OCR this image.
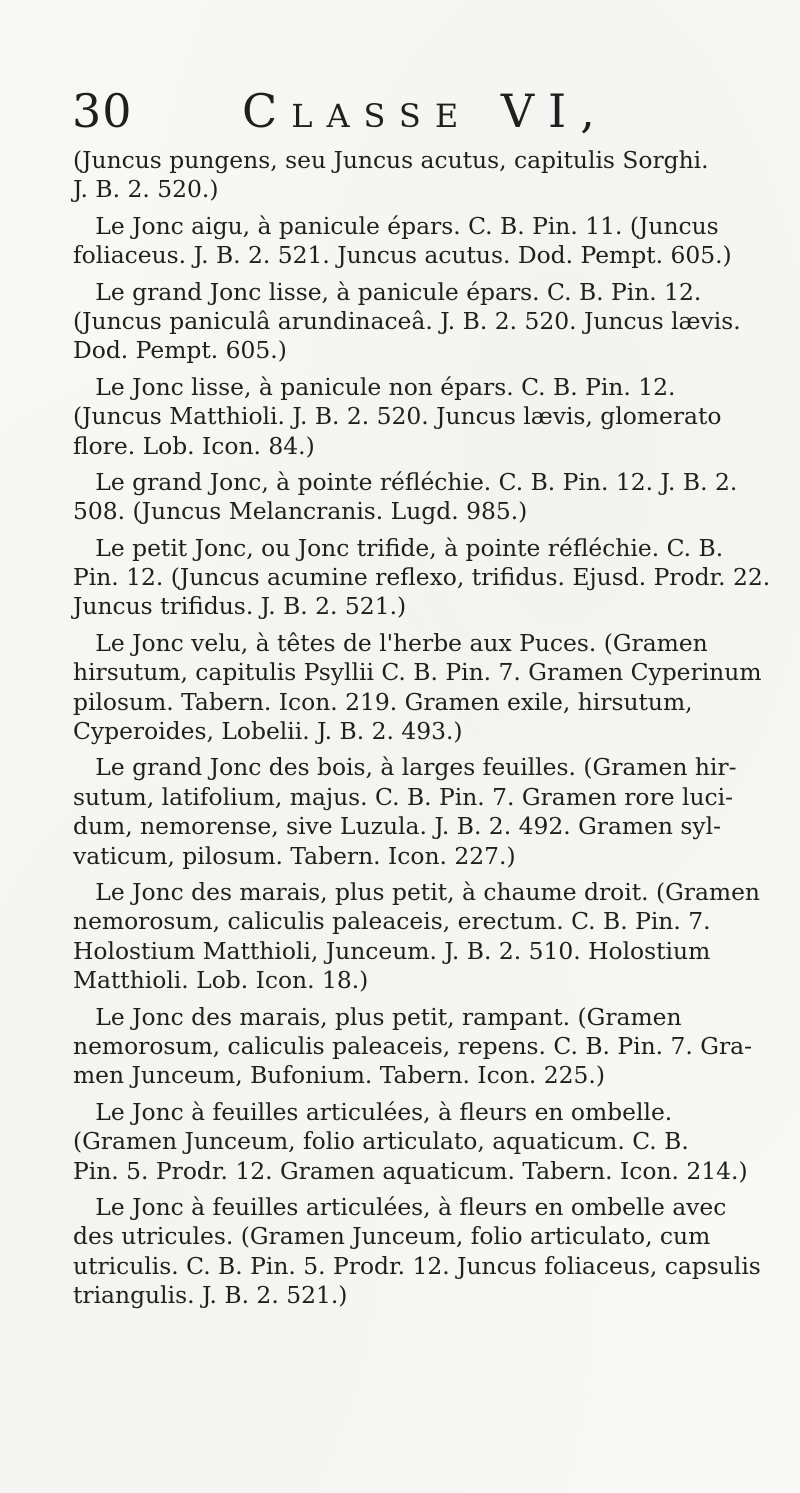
30 Classe VI,
(Juncus pungens, seu Juncus acutus, capitulis Sorghi.
J. B. 2. 520.)
Le Jonc aigu, à panicule épars. C. B. Pin. 11. (Juncus
foliaceus. J. B. 2. 521. Juncus acutus. Dod. Pempt. 605.)
Le grand Jonc lisse, à panicule épars. C. B. Pin. 12.
(Juncus paniculâ arundinaceâ. J. B. 2. 520. Juncus lævis.
Dod. Pempt. 605.)
Le Jonc lisse, à panicule non épars. C. B. Pin. 12.
(Juncus Matthioli. J. B. 2. 520. Juncus lævis, glomerato
flore. Lob. Icon. 84.)
Le grand Jonc, à pointe réfléchie. C. B. Pin. 12. J. B. 2.
508. (Juncus Melancranis. Lugd. 985.)
Le petit Jonc, ou Jonc trifide, à pointe réfléchie. C. B.
Pin. 12. (Juncus acumine reflexo, trifidus. Ejusd. Prodr. 22.
Juncus trifidus. J. B. 2. 521.)
Le Jonc velu, à têtes de l'herbe aux Puces. (Gramen
hirsutum, capitulis Psyllii C. B. Pin. 7. Gramen Cyperinum
pilosum. Tabern. Icon. 219. Gramen exile, hirsutum,
Cyperoides, Lobelii. J. B. 2. 493.)
Le grand Jonc des bois, à larges feuilles. (Gramen hir-
sutum, latifolium, majus. C. B. Pin. 7. Gramen rore luci-
dum, nemorense, sive Luzula. J. B. 2. 492. Gramen syl-
vaticum, pilosum. Tabern. Icon. 227.)
Le Jonc des marais, plus petit, à chaume droit. (Gramen
nemorosum, caliculis paleaceis, erectum. C. B. Pin. 7.
Holostium Matthioli, Junceum. J. B. 2. 510. Holostium
Matthioli. Lob. Icon. 18.)
Le Jonc des marais, plus petit, rampant. (Gramen
nemorosum, caliculis paleaceis, repens. C. B. Pin. 7. Gra-
men Junceum, Bufonium. Tabern. Icon. 225.)
Le Jonc à feuilles articulées, à fleurs en ombelle.
(Gramen Junceum, folio articulato, aquaticum. C. B.
Pin. 5. Prodr. 12. Gramen aquaticum. Tabern. Icon. 214.)
Le Jonc à feuilles articulées, à fleurs en ombelle avec
des utricules. (Gramen Junceum, folio articulato, cum
utriculis. C. B. Pin. 5. Prodr. 12. Juncus foliaceus, capsulis
triangulis. J. B. 2. 521.)
